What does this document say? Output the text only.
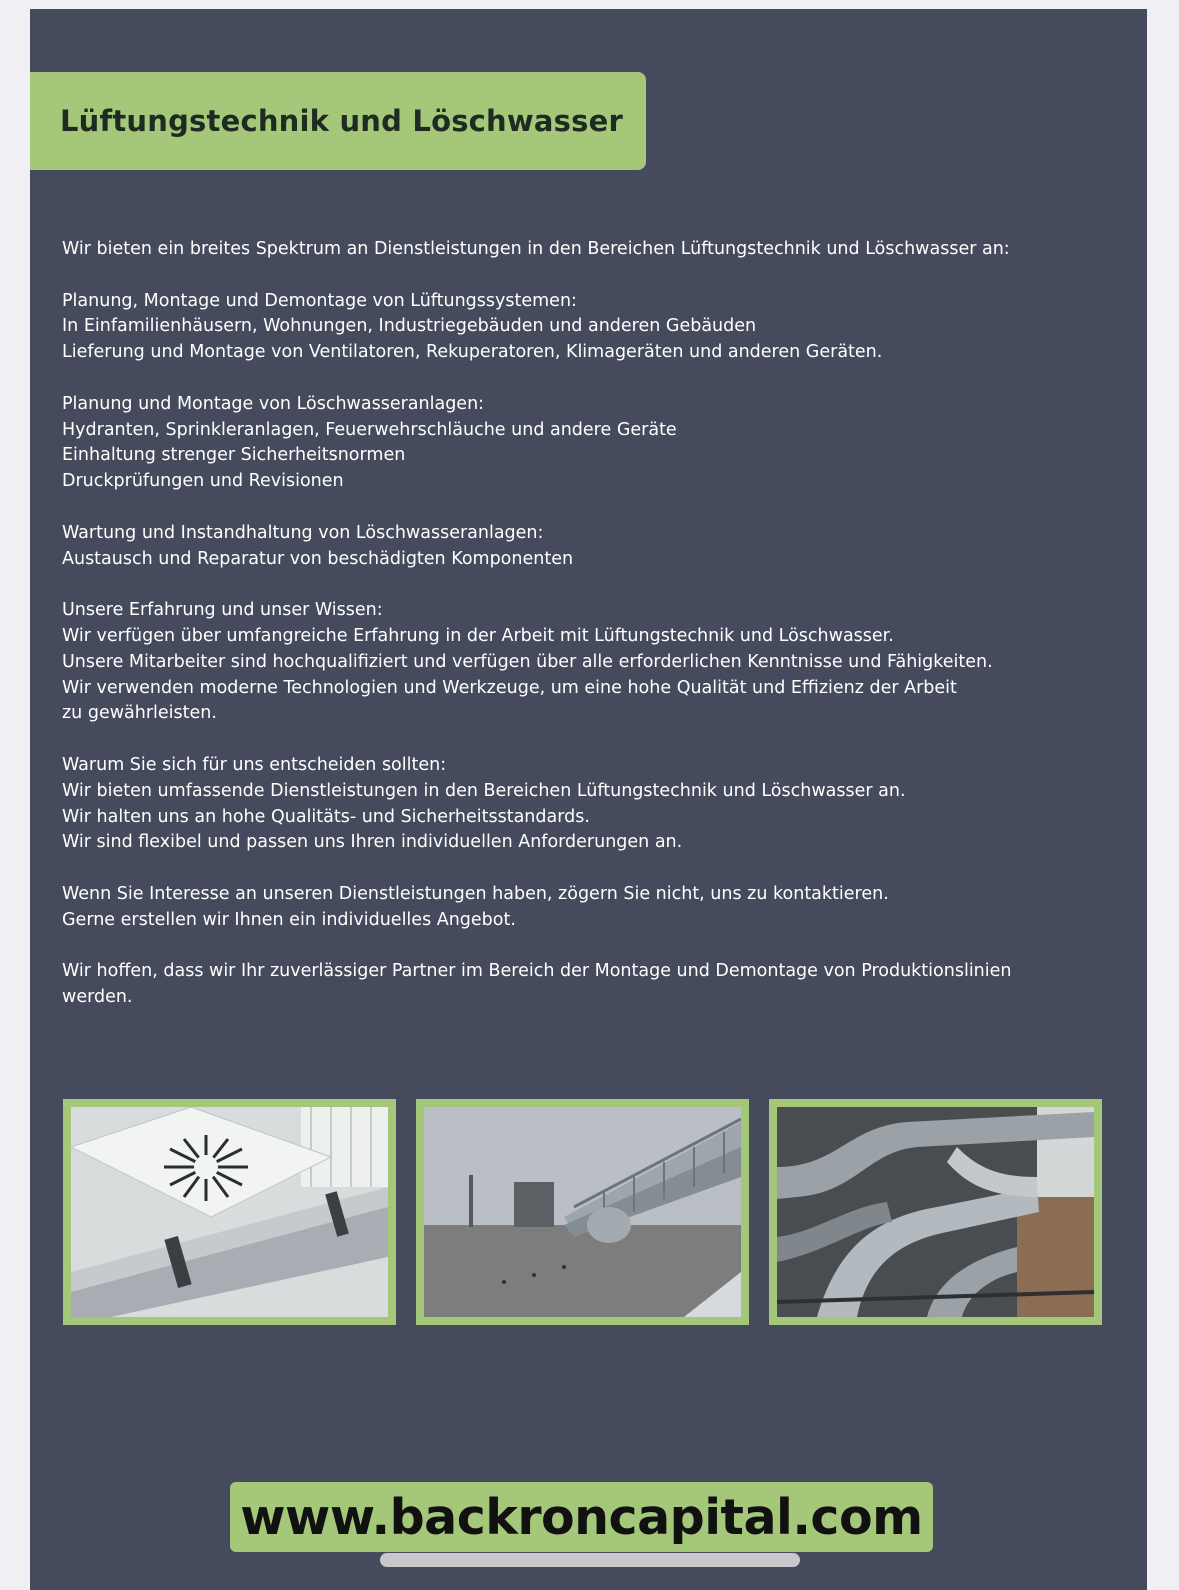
Lüftungstechnik und Löschwasser

Wir bieten ein breites Spektrum an Dienstleistungen in den Bereichen Lüftungstechnik und Löschwasser an:

Planung, Montage und Demontage von Lüftungssystemen:
In Einfamilienhäusern, Wohnungen, Industriegebäuden und anderen Gebäuden
Lieferung und Montage von Ventilatoren, Rekuperatoren, Klimageräten und anderen Geräten.

Planung und Montage von Löschwasseranlagen:
Hydranten, Sprinkleranlagen, Feuerwehrschläuche und andere Geräte
Einhaltung strenger Sicherheitsnormen
Druckprüfungen und Revisionen

Wartung und Instandhaltung von Löschwasseranlagen:
Austausch und Reparatur von beschädigten Komponenten

Unsere Erfahrung und unser Wissen:
Wir verfügen über umfangreiche Erfahrung in der Arbeit mit Lüftungstechnik und Löschwasser.
Unsere Mitarbeiter sind hochqualifiziert und verfügen über alle erforderlichen Kenntnisse und Fähigkeiten.
Wir verwenden moderne Technologien und Werkzeuge, um eine hohe Qualität und Effizienz der Arbeit
zu gewährleisten.

Warum Sie sich für uns entscheiden sollten:
Wir bieten umfassende Dienstleistungen in den Bereichen Lüftungstechnik und Löschwasser an.
Wir halten uns an hohe Qualitäts- und Sicherheitsstandards.
Wir sind flexibel und passen uns Ihren individuellen Anforderungen an.

Wenn Sie Interesse an unseren Dienstleistungen haben, zögern Sie nicht, uns zu kontaktieren.
Gerne erstellen wir Ihnen ein individuelles Angebot.

Wir hoffen, dass wir Ihr zuverlässiger Partner im Bereich der Montage und Demontage von Produktionslinien
werden.

www.backroncapital.com
